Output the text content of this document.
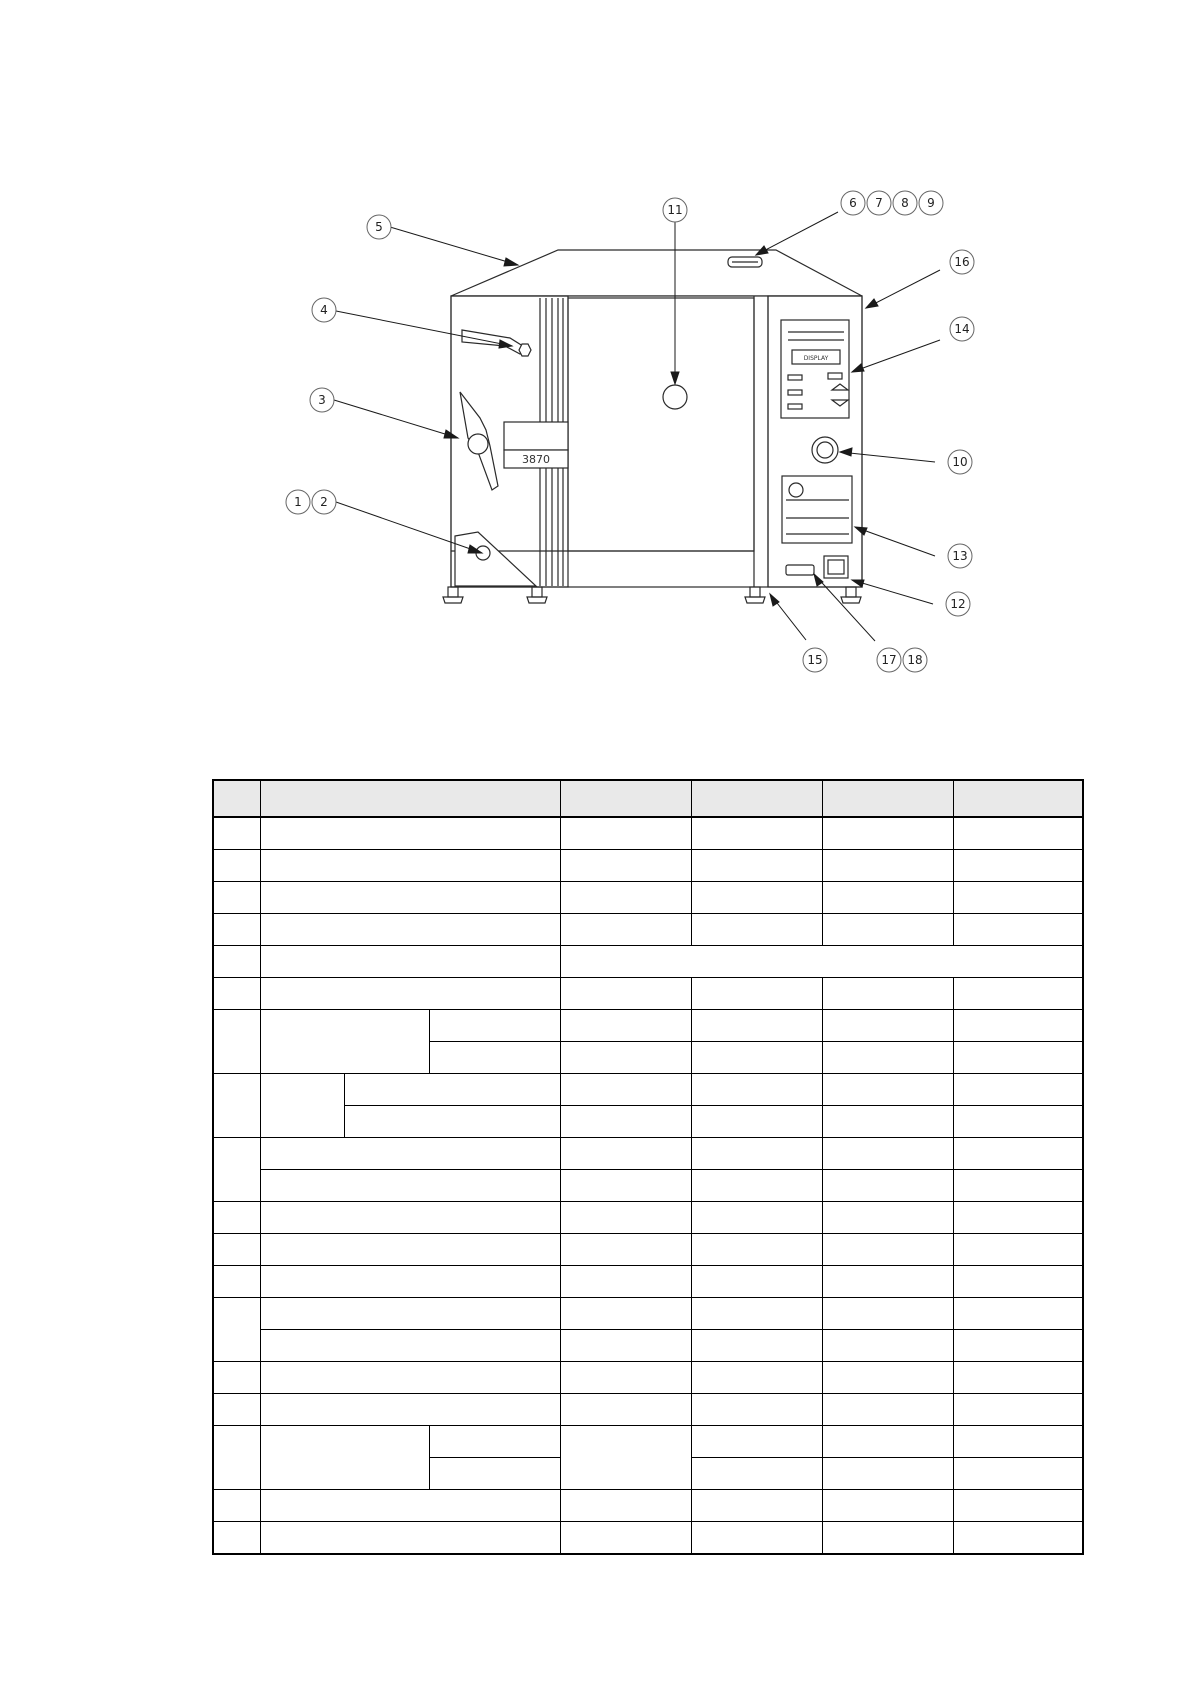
3870
DISPLAY
5
4
3
1 2
11	6 7 8 9
16
14
10
13
12
15	17 18
